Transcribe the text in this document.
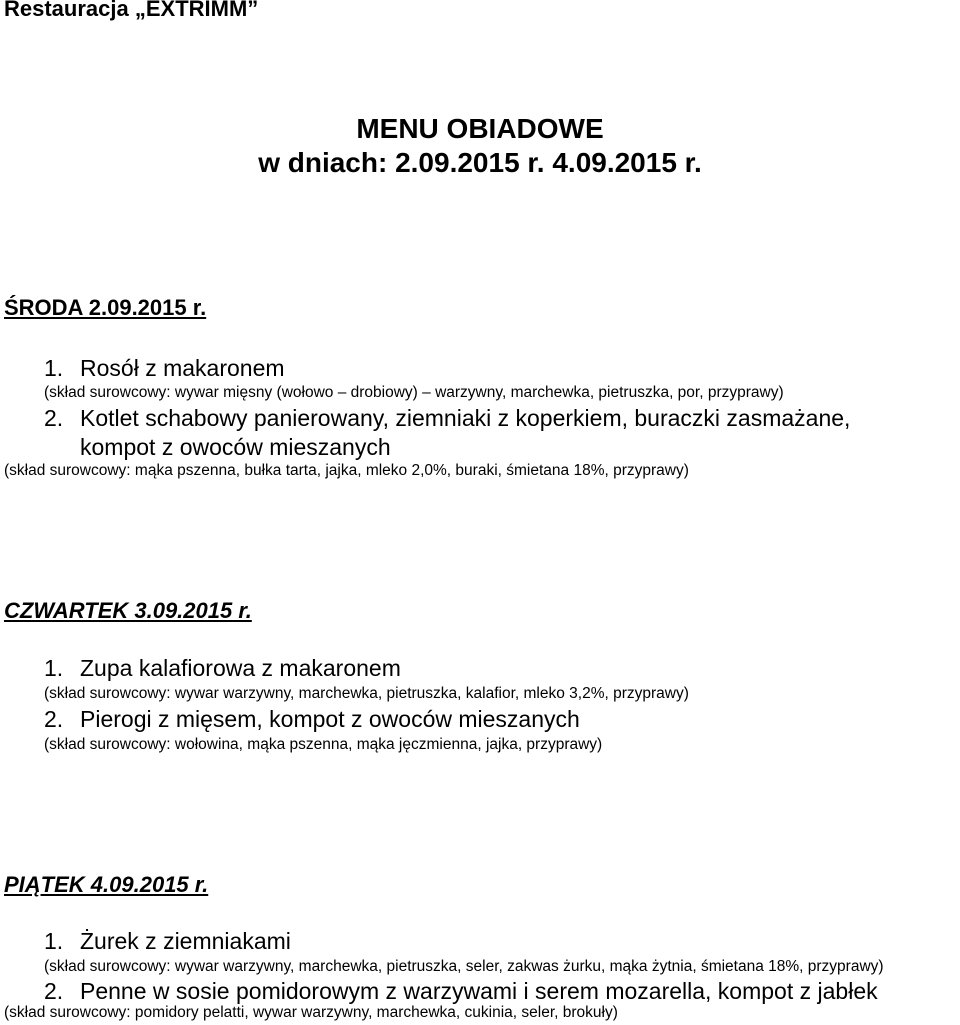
Restauracja „EXTRIMM”
MENU OBIADOWE
w dniach: 2.09.2015 r. 4.09.2015 r.
ŚRODA 2.09.2015 r.
1. Rosół z makaronem
(skład surowcowy: wywar mięsny (wołowo – drobiowy) – warzywny, marchewka, pietruszka, por, przyprawy)
2. Kotlet schabowy panierowany, ziemniaki z koperkiem, buraczki zasmażane,
kompot z owoców mieszanych
(skład surowcowy: mąka pszenna, bułka tarta, jajka, mleko 2,0%, buraki, śmietana 18%, przyprawy)
CZWARTEK 3.09.2015 r.
1. Zupa kalafiorowa z makaronem
(skład surowcowy: wywar warzywny, marchewka, pietruszka, kalafior, mleko 3,2%, przyprawy)
2. Pierogi z mięsem, kompot z owoców mieszanych
(skład surowcowy: wołowina, mąka pszenna, mąka jęczmienna, jajka, przyprawy)
PIĄTEK 4.09.2015 r.
1. Żurek z ziemniakami
(skład surowcowy: wywar warzywny, marchewka, pietruszka, seler, zakwas żurku, mąka żytnia, śmietana 18%, przyprawy)
2. Penne w sosie pomidorowym z warzywami i serem mozarella, kompot z jabłek
(skład surowcowy: pomidory pelatti, wywar warzywny, marchewka, cukinia, seler, brokuły)
